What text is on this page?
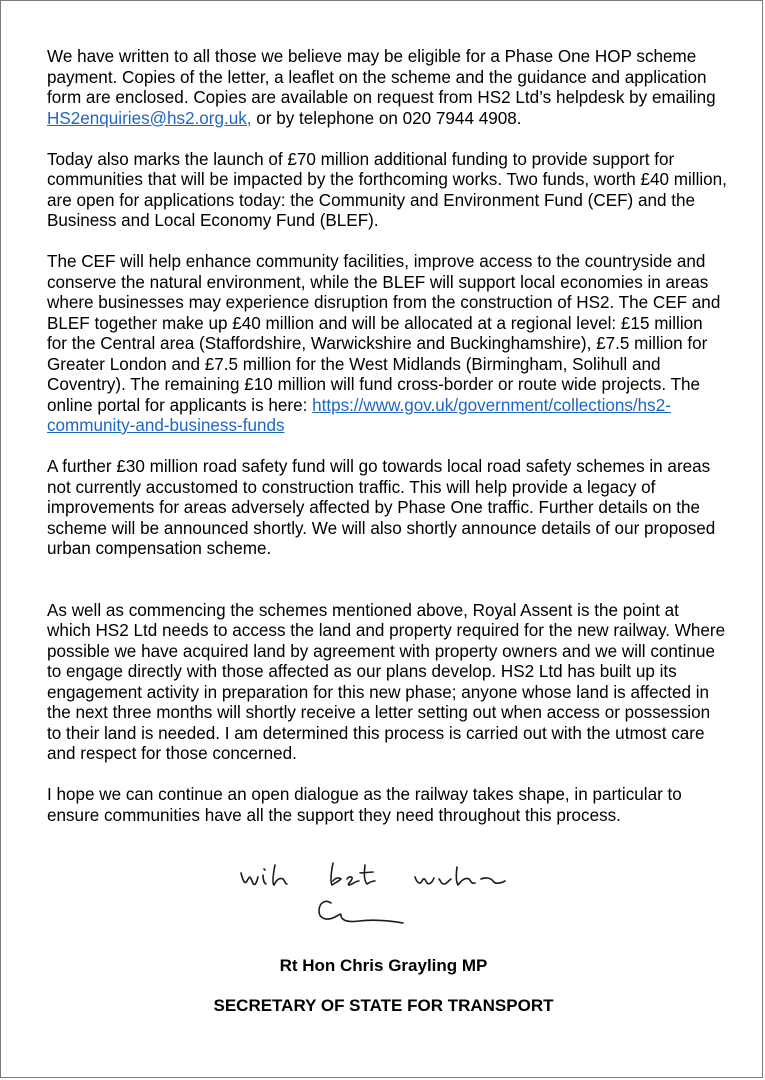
We have written to all those we believe may be eligible for a Phase One HOP scheme payment. Copies of the letter, a leaflet on the scheme and the guidance and application form are enclosed. Copies are available on request from HS2 Ltd’s helpdesk by emailing HS2enquiries@hs2.org.uk, or by telephone on 020 7944 4908.

Today also marks the launch of £70 million additional funding to provide support for communities that will be impacted by the forthcoming works. Two funds, worth £40 million, are open for applications today: the Community and Environment Fund (CEF) and the Business and Local Economy Fund (BLEF).

The CEF will help enhance community facilities, improve access to the countryside and conserve the natural environment, while the BLEF will support local economies in areas where businesses may experience disruption from the construction of HS2. The CEF and BLEF together make up £40 million and will be allocated at a regional level: £15 million for the Central area (Staffordshire, Warwickshire and Buckinghamshire), £7.5 million for Greater London and £7.5 million for the West Midlands (Birmingham, Solihull and Coventry). The remaining £10 million will fund cross-border or route wide projects. The online portal for applicants is here: https://www.gov.uk/government/collections/hs2-community-and-business-funds

A further £30 million road safety fund will go towards local road safety schemes in areas not currently accustomed to construction traffic. This will help provide a legacy of improvements for areas adversely affected by Phase One traffic. Further details on the scheme will be announced shortly. We will also shortly announce details of our proposed urban compensation scheme.

As well as commencing the schemes mentioned above, Royal Assent is the point at which HS2 Ltd needs to access the land and property required for the new railway. Where possible we have acquired land by agreement with property owners and we will continue to engage directly with those affected as our plans develop. HS2 Ltd has built up its engagement activity in preparation for this new phase; anyone whose land is affected in the next three months will shortly receive a letter setting out when access or possession to their land is needed. I am determined this process is carried out with the utmost care and respect for those concerned.

I hope we can continue an open dialogue as the railway takes shape, in particular to ensure communities have all the support they need throughout this process.

Rt Hon Chris Grayling MP
SECRETARY OF STATE FOR TRANSPORT
